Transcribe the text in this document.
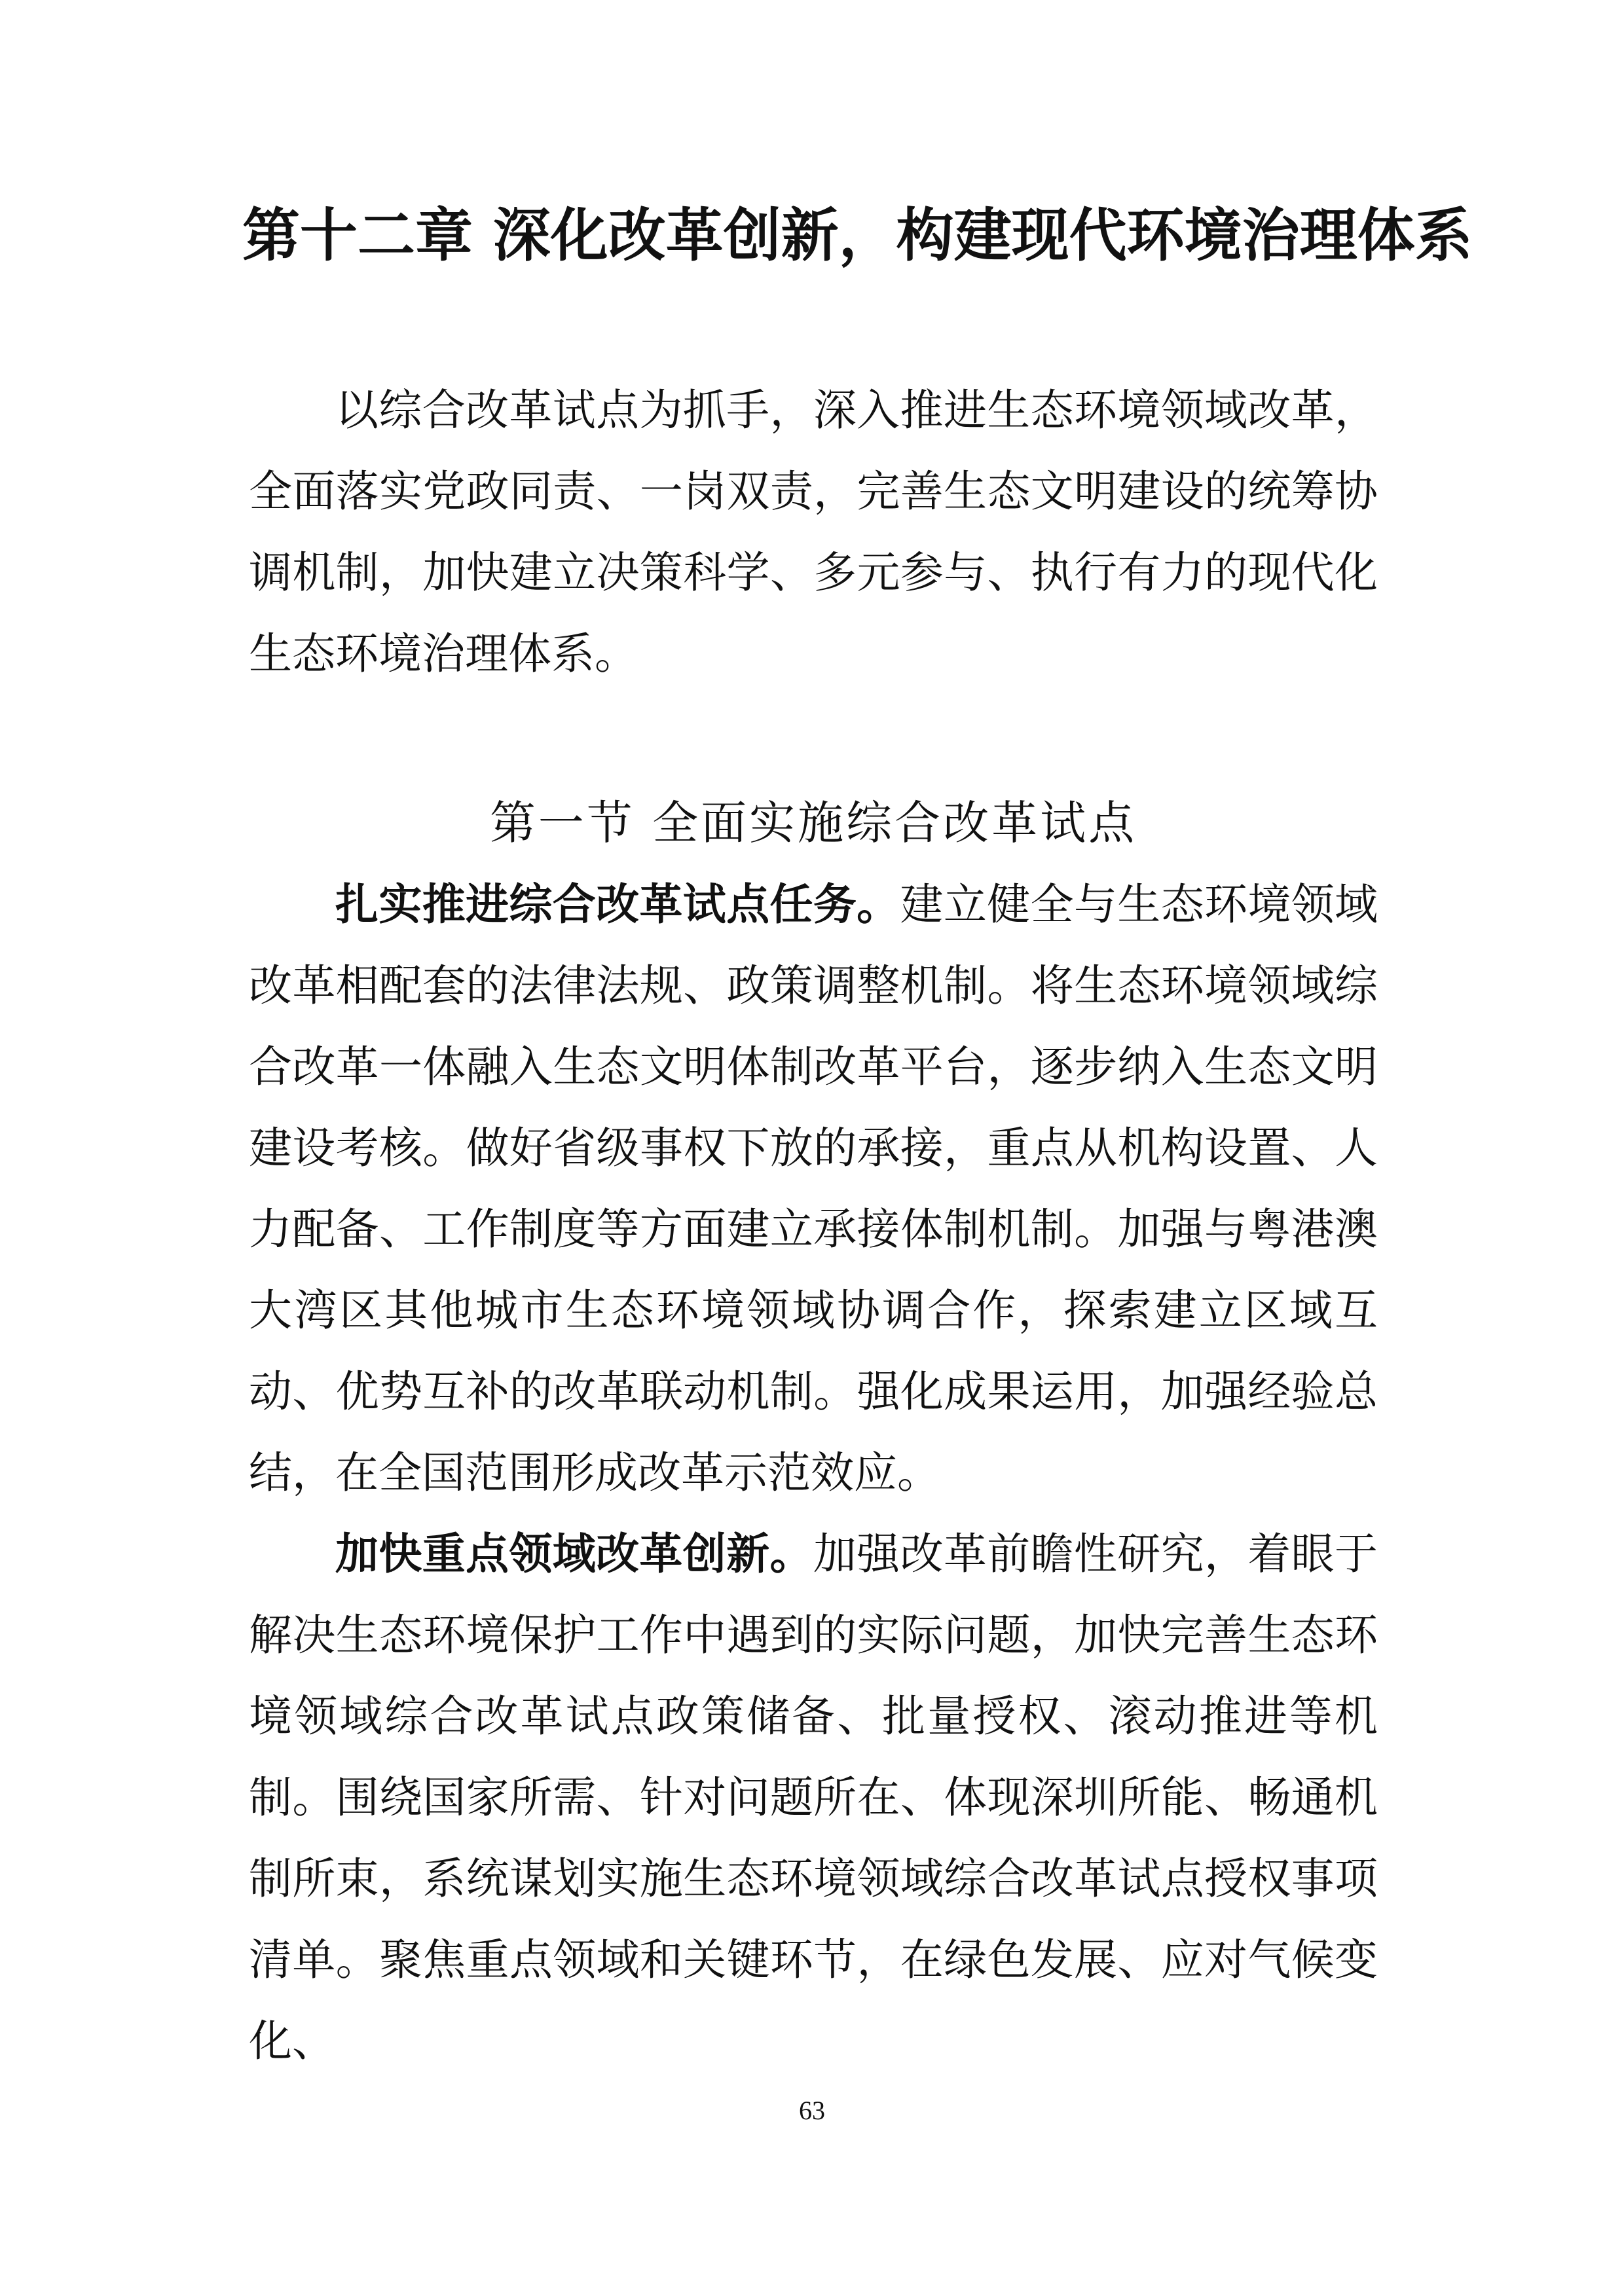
第十二章 深化改革创新，构建现代环境治理体系

以综合改革试点为抓手，深入推进生态环境领域改革，全面落实党政同责、一岗双责，完善生态文明建设的统筹协调机制，加快建立决策科学、多元参与、执行有力的现代化生态环境治理体系。

第一节 全面实施综合改革试点

扎实推进综合改革试点任务。建立健全与生态环境领域改革相配套的法律法规、政策调整机制。将生态环境领域综合改革一体融入生态文明体制改革平台，逐步纳入生态文明建设考核。做好省级事权下放的承接，重点从机构设置、人力配备、工作制度等方面建立承接体制机制。加强与粤港澳大湾区其他城市生态环境领域协调合作，探索建立区域互动、优势互补的改革联动机制。强化成果运用，加强经验总结，在全国范围形成改革示范效应。

加快重点领域改革创新。加强改革前瞻性研究，着眼于解决生态环境保护工作中遇到的实际问题，加快完善生态环境领域综合改革试点政策储备、批量授权、滚动推进等机制。围绕国家所需、针对问题所在、体现深圳所能、畅通机制所束，系统谋划实施生态环境领域综合改革试点授权事项清单。聚焦重点领域和关键环节，在绿色发展、应对气候变化、

63
